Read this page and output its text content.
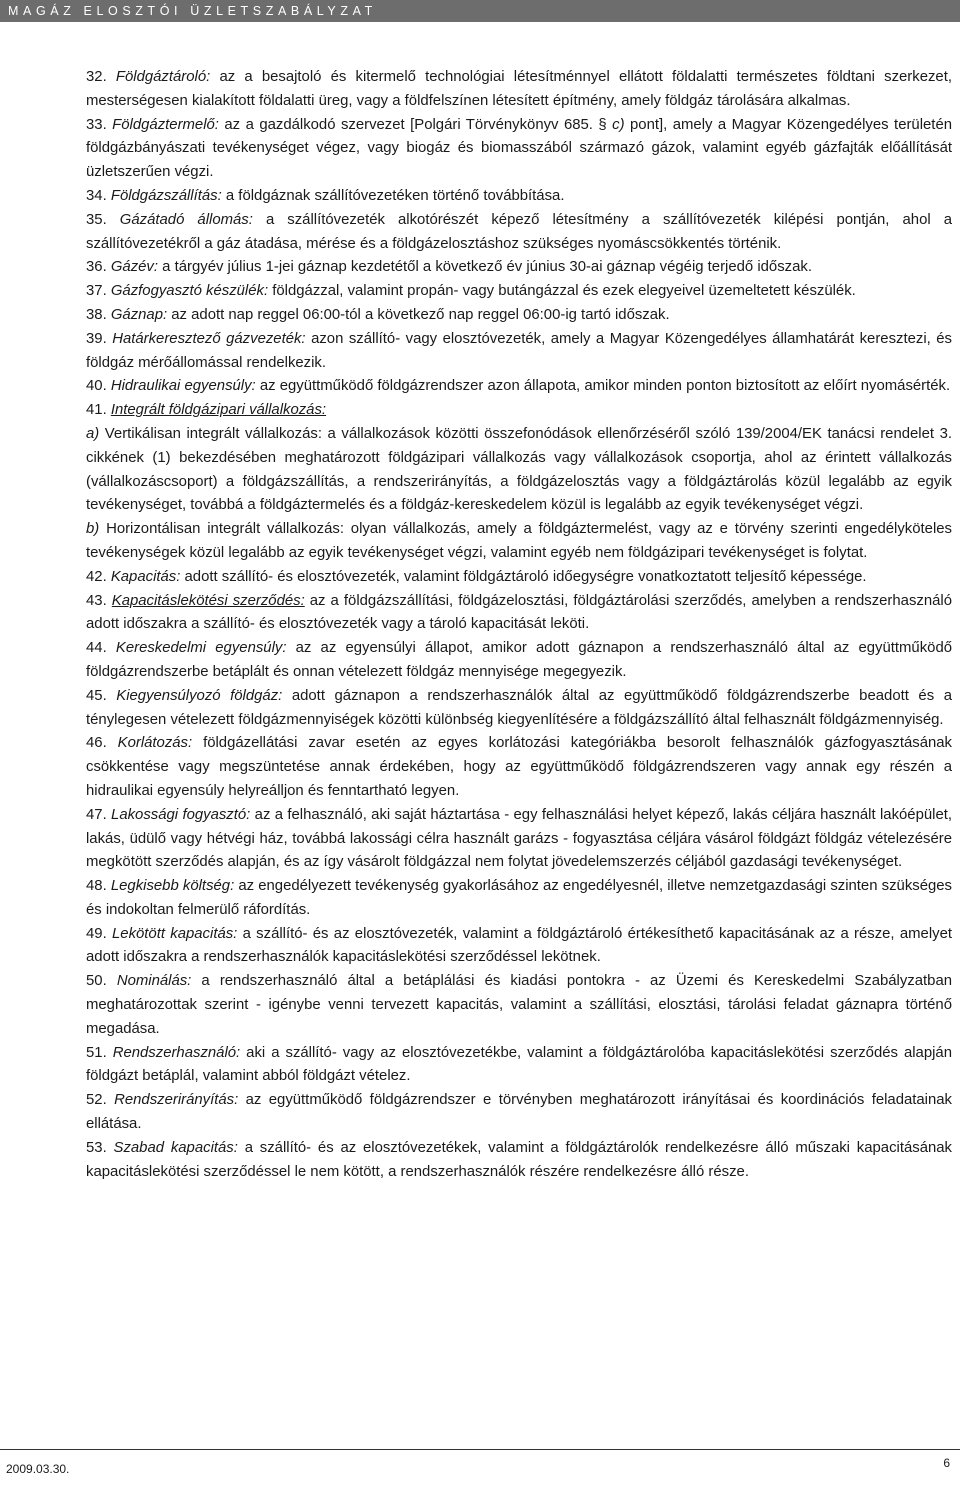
MAGÁZ ELOSZTÓI ÜZLETSZABÁLYZAT

32. Földgáztároló: az a besajtoló és kitermelő technológiai létesítménnyel ellátott földalatti természetes földtani szerkezet, mesterségesen kialakított földalatti üreg, vagy a földfelszínen létesített építmény, amely földgáz tárolására alkalmas.

33. Földgáztermelő: az a gazdálkodó szervezet [Polgári Törvénykönyv 685. § c) pont], amely a Magyar Közengedélyes területén földgázbányászati tevékenységet végez, vagy biogáz és biomasszából származó gázok, valamint egyéb gázfajták előállítását üzletszerűen végzi.

34. Földgázszállítás: a földgáznak szállítóvezetéken történő továbbítása.

35. Gázátadó állomás: a szállítóvezeték alkotórészét képező létesítmény a szállítóvezeték kilépési pontján, ahol a szállítóvezetékről a gáz átadása, mérése és a földgázelosztáshoz szükséges nyomáscsökkentés történik.

36. Gázév: a tárgyév július 1-jei gáznap kezdetétől a következő év június 30-ai gáznap végéig terjedő időszak.

37. Gázfogyasztó készülék: földgázzal, valamint propán- vagy butángázzal és ezek elegyeivel üzemeltetett készülék.

38. Gáznap: az adott nap reggel 06:00-tól a következő nap reggel 06:00-ig tartó időszak.

39. Határkeresztező gázvezeték: azon szállító- vagy elosztóvezeték, amely a Magyar Közengedélyes államhatárát keresztezi, és földgáz mérőállomással rendelkezik.

40. Hidraulikai egyensúly: az együttműködő földgázrendszer azon állapota, amikor minden ponton biztosított az előírt nyomásérték.

41. Integrált földgázipari vállalkozás:

a) Vertikálisan integrált vállalkozás: a vállalkozások közötti összefonódások ellenőrzéséről szóló 139/2004/EK tanácsi rendelet 3. cikkének (1) bekezdésében meghatározott földgázipari vállalkozás vagy vállalkozások csoportja, ahol az érintett vállalkozás (vállalkozáscsoport) a földgázszállítás, a rendszerirányítás, a földgázelosztás vagy a földgáztárolás közül legalább az egyik tevékenységet, továbbá a földgáztermelés és a földgáz-kereskedelem közül is legalább az egyik tevékenységet végzi.

b) Horizontálisan integrált vállalkozás: olyan vállalkozás, amely a földgáztermelést, vagy az e törvény szerinti engedélyköteles tevékenységek közül legalább az egyik tevékenységet végzi, valamint egyéb nem földgázipari tevékenységet is folytat.

42. Kapacitás: adott szállító- és elosztóvezeték, valamint földgáztároló időegységre vonatkoztatott teljesítő képessége.

43. Kapacitáslekötési szerződés: az a földgázszállítási, földgázelosztási, földgáztárolási szerződés, amelyben a rendszerhasználó adott időszakra a szállító- és elosztóvezeték vagy a tároló kapacitását leköti.

44. Kereskedelmi egyensúly: az az egyensúlyi állapot, amikor adott gáznapon a rendszerhasználó által az együttműködő földgázrendszerbe betáplált és onnan vételezett földgáz mennyisége megegyezik.

45. Kiegyensúlyozó földgáz: adott gáznapon a rendszerhasználók által az együttműködő földgázrendszerbe beadott és a ténylegesen vételezett földgázmennyiségek közötti különbség kiegyenlítésére a földgázszállító által felhasznált földgázmennyiség.

46. Korlátozás: földgázellátási zavar esetén az egyes korlátozási kategóriákba besorolt felhasználók gázfogyasztásának csökkentése vagy megszüntetése annak érdekében, hogy az együttműködő földgázrendszeren vagy annak egy részén a hidraulikai egyensúly helyreálljon és fenntartható legyen.

47. Lakossági fogyasztó: az a felhasználó, aki saját háztartása - egy felhasználási helyet képező, lakás céljára használt lakóépület, lakás, üdülő vagy hétvégi ház, továbbá lakossági célra használt garázs - fogyasztása céljára vásárol földgázt földgáz vételezésére megkötött szerződés alapján, és az így vásárolt földgázzal nem folytat jövedelemszerzés céljából gazdasági tevékenységet.

48. Legkisebb költség: az engedélyezett tevékenység gyakorlásához az engedélyesnél, illetve nemzetgazdasági szinten szükséges és indokoltan felmerülő ráfordítás.

49. Lekötött kapacitás: a szállító- és az elosztóvezeték, valamint a földgáztároló értékesíthető kapacitásának az a része, amelyet adott időszakra a rendszerhasználók kapacitáslekötési szerződéssel lekötnek.

50. Nominálás: a rendszerhasználó által a betáplálási és kiadási pontokra - az Üzemi és Kereskedelmi Szabályzatban meghatározottak szerint - igénybe venni tervezett kapacitás, valamint a szállítási, elosztási, tárolási feladat gáznapra történő megadása.

51. Rendszerhasználó: aki a szállító- vagy az elosztóvezetékbe, valamint a földgáztárolóba kapacitáslekötési szerződés alapján földgázt betáplál, valamint abból földgázt vételez.

52. Rendszerirányítás: az együttműködő földgázrendszer e törvényben meghatározott irányításai és koordinációs feladatainak ellátása.

53. Szabad kapacitás: a szállító- és az elosztóvezetékek, valamint a földgáztárolók rendelkezésre álló műszaki kapacitásának kapacitáslekötési szerződéssel le nem kötött, a rendszerhasználók részére rendelkezésre álló része.

2009.03.30.	6
